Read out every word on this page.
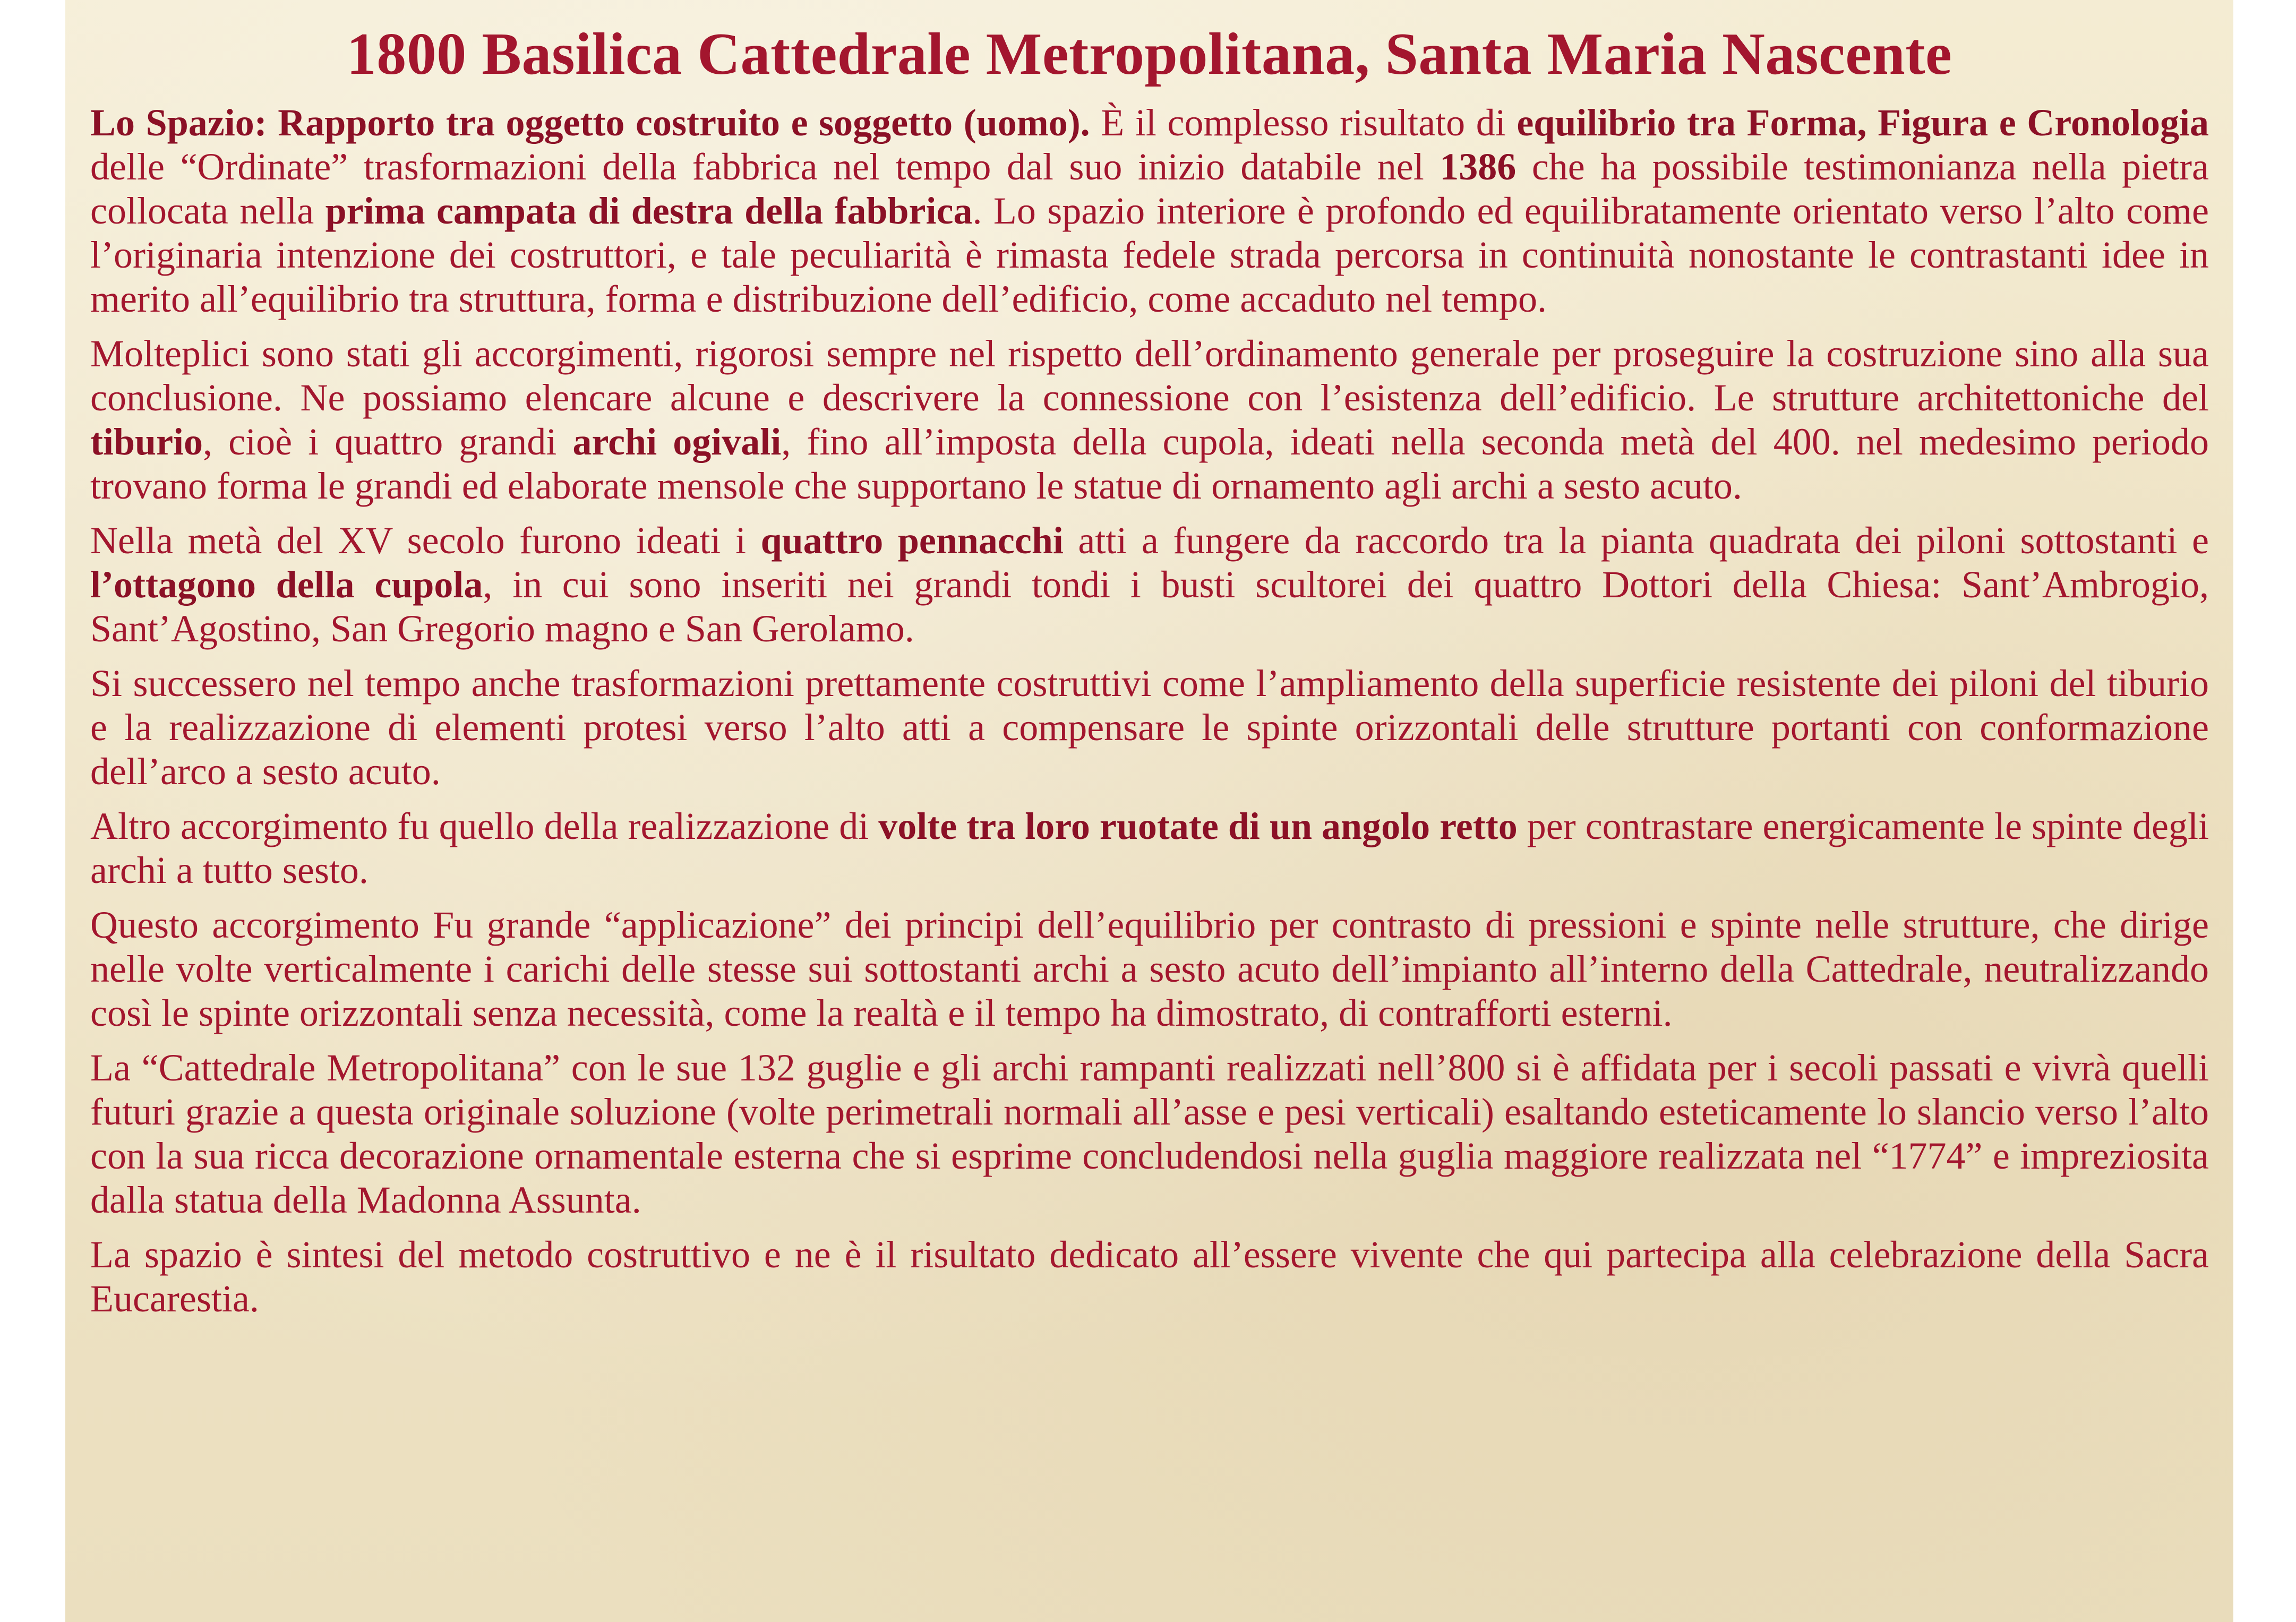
1800 Basilica Cattedrale Metropolitana, Santa Maria Nascente

Lo Spazio: Rapporto tra oggetto costruito e soggetto (uomo). È il complesso risultato di equilibrio tra Forma, Figura e Cronologia delle “Ordinate” trasformazioni della fabbrica nel tempo dal suo inizio databile nel 1386 che ha possibile testimonianza nella pietra collocata nella prima campata di destra della fabbrica. Lo spazio interiore è profondo ed equilibratamente orientato verso l’alto come l’originaria intenzione dei costruttori, e tale peculiarità è rimasta fedele strada percorsa in continuità nonostante le contrastanti idee in merito all’equilibrio tra struttura, forma e distribuzione dell’edificio, come accaduto nel tempo.

Molteplici sono stati gli accorgimenti, rigorosi sempre nel rispetto dell’ordinamento generale per proseguire la costruzione sino alla sua conclusione. Ne possiamo elencare alcune e descrivere la connessione con l’esistenza dell’edificio. Le strutture architettoniche del tiburio, cioè i quattro grandi archi ogivali, fino all’imposta della cupola, ideati nella seconda metà del 400. nel medesimo periodo trovano forma le grandi ed elaborate mensole che supportano le statue di ornamento agli archi a sesto acuto.

Nella metà del XV secolo furono ideati i quattro pennacchi atti a fungere da raccordo tra la pianta quadrata dei piloni sottostanti e l’ottagono della cupola, in cui sono inseriti nei grandi tondi i busti scultorei dei quattro Dottori della Chiesa: Sant’Ambrogio, Sant’Agostino, San Gregorio magno e San Gerolamo.

Si successero nel tempo anche trasformazioni prettamente costruttivi come l’ampliamento della superficie resistente dei piloni del tiburio e la realizzazione di elementi protesi verso l’alto atti a compensare le spinte orizzontali delle strutture portanti con conformazione dell’arco a sesto acuto.

Altro accorgimento fu quello della realizzazione di volte tra loro ruotate di un angolo retto per contrastare energicamente le spinte degli archi a tutto sesto.

Questo accorgimento Fu grande “applicazione” dei principi dell’equilibrio per contrasto di pressioni e spinte nelle strutture, che dirige nelle volte verticalmente i carichi delle stesse sui sottostanti archi a sesto acuto dell’impianto all’interno della Cattedrale, neutralizzando così le spinte orizzontali senza necessità, come la realtà e il tempo ha dimostrato, di contrafforti esterni.

La “Cattedrale Metropolitana” con le sue 132 guglie e gli archi rampanti realizzati nell’800 si è affidata per i secoli passati e vivrà quelli futuri grazie a questa originale soluzione (volte perimetrali normali all’asse e pesi verticali) esaltando esteticamente lo slancio verso l’alto con la sua ricca decorazione ornamentale esterna che si esprime concludendosi nella guglia maggiore realizzata nel “1774” e impreziosita dalla statua della Madonna Assunta.

La spazio è sintesi del metodo costruttivo e ne è il risultato dedicato all’essere vivente che qui partecipa alla celebrazione della Sacra Eucarestia.
